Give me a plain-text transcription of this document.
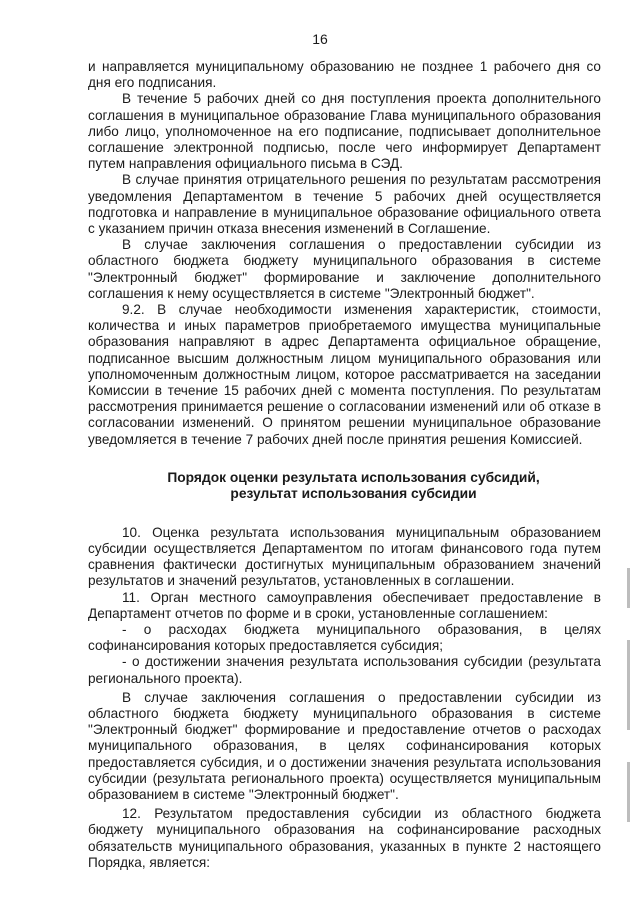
16

и направляется муниципальному образованию не позднее 1 рабочего дня со дня его подписания.

В течение 5 рабочих дней со дня поступления проекта дополнительного соглашения в муниципальное образование Глава муниципального образования либо лицо, уполномоченное на его подписание, подписывает дополнительное соглашение электронной подписью, после чего информирует Департамент путем направления официального письма в СЭД.

В случае принятия отрицательного решения по результатам рассмотрения уведомления Департаментом в течение 5 рабочих дней осуществляется подготовка и направление в муниципальное образование официального ответа с указанием причин отказа внесения изменений в Соглашение.

В случае заключения соглашения о предоставлении субсидии из областного бюджета бюджету муниципального образования в системе "Электронный бюджет" формирование и заключение дополнительного соглашения к нему осуществляется в системе "Электронный бюджет".

9.2. В случае необходимости изменения характеристик, стоимости, количества и иных параметров приобретаемого имущества муниципальные образования направляют в адрес Департамента официальное обращение, подписанное высшим должностным лицом муниципального образования или уполномоченным должностным лицом, которое рассматривается на заседании Комиссии в течение 15 рабочих дней с момента поступления. По результатам рассмотрения принимается решение о согласовании изменений или об отказе в согласовании изменений. О принятом решении муниципальное образование уведомляется в течение 7 рабочих дней после принятия решения Комиссией.

Порядок оценки результата использования субсидий,
результат использования субсидии

10. Оценка результата использования муниципальным образованием субсидии осуществляется Департаментом по итогам финансового года путем сравнения фактически достигнутых муниципальным образованием значений результатов и значений результатов, установленных в соглашении.

11. Орган местного самоуправления обеспечивает предоставление в Департамент отчетов по форме и в сроки, установленные соглашением:

- о расходах бюджета муниципального образования, в целях софинансирования которых предоставляется субсидия;

- о достижении значения результата использования субсидии (результата регионального проекта).

В случае заключения соглашения о предоставлении субсидии из областного бюджета бюджету муниципального образования в системе "Электронный бюджет" формирование и предоставление отчетов о расходах муниципального образования, в целях софинансирования которых предоставляется субсидия, и о достижении значения результата использования субсидии (результата регионального проекта) осуществляется муниципальным образованием в системе "Электронный бюджет".

12. Результатом предоставления субсидии из областного бюджета бюджету муниципального образования на софинансирование расходных обязательств муниципального образования, указанных в пункте 2 настоящего Порядка, является:
